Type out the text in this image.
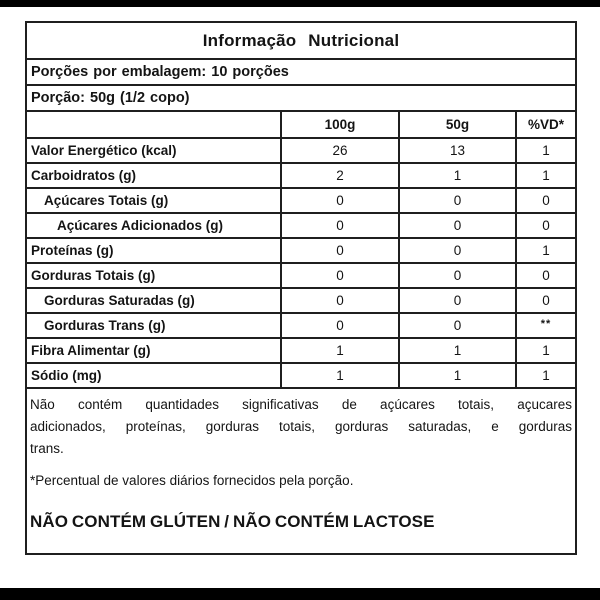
Informação Nutricional
Porções por embalagem: 10 porções
Porção: 50g (1/2 copo)
100g	50g	%VD*
Valor Energético (kcal)	26	13	1
Carboidratos (g)	2	1	1
Açúcares Totais (g)	0	0	0
Açúcares Adicionados (g)	0	0	0
Proteínas (g)	0	0	1
Gorduras Totais (g)	0	0	0
Gorduras Saturadas (g)	0	0	0
Gorduras Trans (g)	0	0	**
Fibra Alimentar (g)	1	1	1
Sódio (mg)	1	1	1
Não contém quantidades significativas de açúcares totais, açucares
adicionados, proteínas, gorduras totais, gorduras saturadas, e gorduras
trans.
*Percentual de valores diários fornecidos pela porção.
NÃO CONTÉM GLÚTEN / NÃO CONTÉM LACTOSE
